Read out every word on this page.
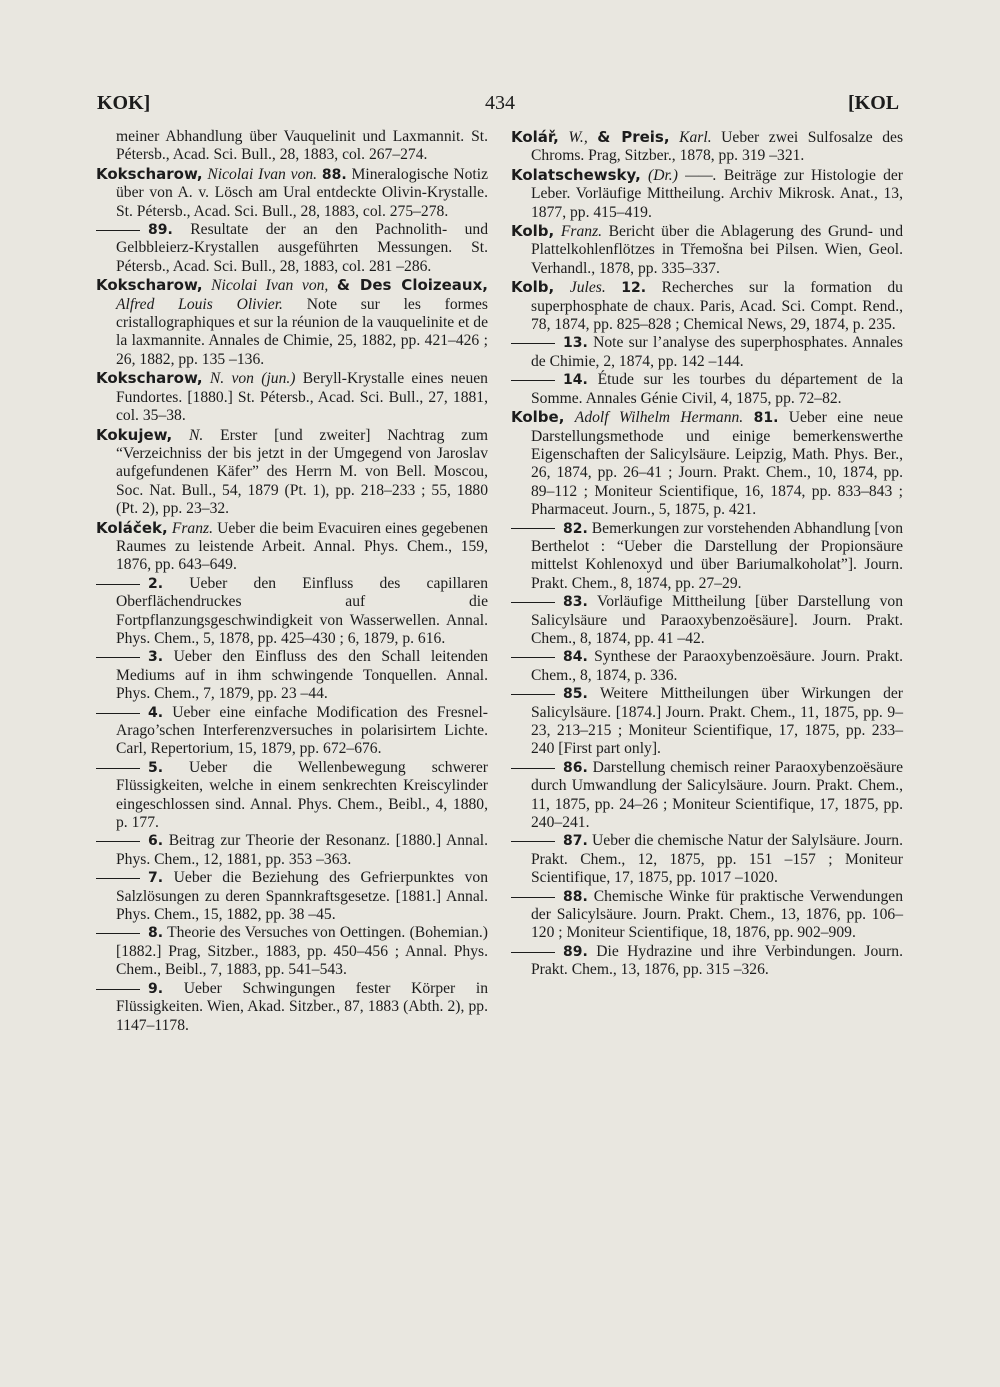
KOK]	434	[KOL

meiner Abhandlung über Vauquelinit und Laxmannit. St. Pétersb., Acad. Sci. Bull., 28, 1883, col. 267–274.

Kokscharow, Nicolai Ivan von. 88. Mineralogische Notiz über von A. v. Lösch am Ural entdeckte Olivin-Krystalle. St. Pétersb., Acad. Sci. Bull., 28, 1883, col. 275–278.

89. Resultate der an den Pachnolith- und Gelbbleierz-Krystallen ausgeführten Messungen. St. Pétersb., Acad. Sci. Bull., 28, 1883, col. 281 –286.

Kokscharow, Nicolai Ivan von, & Des Cloizeaux, Alfred Louis Olivier. Note sur les formes cristallographiques et sur la réunion de la vauquelinite et de la laxmannite. Annales de Chimie, 25, 1882, pp. 421–426 ; 26, 1882, pp. 135 –136.

Kokscharow, N. von (jun.) Beryll-Krystalle eines neuen Fundortes. [1880.] St. Pétersb., Acad. Sci. Bull., 27, 1881, col. 35–38.

Kokujew, N. Erster [und zweiter] Nachtrag zum “Verzeichniss der bis jetzt in der Umgegend von Jaroslav aufgefundenen Käfer” des Herrn M. von Bell. Moscou, Soc. Nat. Bull., 54, 1879 (Pt. 1), pp. 218–233 ; 55, 1880 (Pt. 2), pp. 23–32.

Koláček, Franz. Ueber die beim Evacuiren eines gegebenen Raumes zu leistende Arbeit. Annal. Phys. Chem., 159, 1876, pp. 643–649.

2. Ueber den Einfluss des capillaren Oberflächendruckes auf die Fortpflanzungsgeschwindigkeit von Wasserwellen. Annal. Phys. Chem., 5, 1878, pp. 425–430 ; 6, 1879, p. 616.

3. Ueber den Einfluss des den Schall leitenden Mediums auf in ihm schwingende Tonquellen. Annal. Phys. Chem., 7, 1879, pp. 23 –44.

4. Ueber eine einfache Modification des Fresnel-Arago’schen Interferenzversuches in polarisirtem Lichte. Carl, Repertorium, 15, 1879, pp. 672–676.

5. Ueber die Wellenbewegung schwerer Flüssigkeiten, welche in einem senkrechten Kreiscylinder eingeschlossen sind. Annal. Phys. Chem., Beibl., 4, 1880, p. 177.

6. Beitrag zur Theorie der Resonanz. [1880.] Annal. Phys. Chem., 12, 1881, pp. 353 –363.

7. Ueber die Beziehung des Gefrierpunktes von Salzlösungen zu deren Spannkraftsgesetze. [1881.] Annal. Phys. Chem., 15, 1882, pp. 38 –45.

8. Theorie des Versuches von Oettingen. (Bohemian.) [1882.] Prag, Sitzber., 1883, pp. 450–456 ; Annal. Phys. Chem., Beibl., 7, 1883, pp. 541–543.

9. Ueber Schwingungen fester Körper in Flüssigkeiten. Wien, Akad. Sitzber., 87, 1883 (Abth. 2), pp. 1147–1178.

Kolář, W., & Preis, Karl. Ueber zwei Sulfosalze des Chroms. Prag, Sitzber., 1878, pp. 319 –321.

Kolatschewsky, (Dr.) ——. Beiträge zur Histologie der Leber. Vorläufige Mittheilung. Archiv Mikrosk. Anat., 13, 1877, pp. 415–419.

Kolb, Franz. Bericht über die Ablagerung des Grund- und Plattelkohlenflötzes in Třemošna bei Pilsen. Wien, Geol. Verhandl., 1878, pp. 335–337.

Kolb, Jules. 12. Recherches sur la formation du superphosphate de chaux. Paris, Acad. Sci. Compt. Rend., 78, 1874, pp. 825–828 ; Chemical News, 29, 1874, p. 235.

13. Note sur l’analyse des superphosphates. Annales de Chimie, 2, 1874, pp. 142 –144.

14. Étude sur les tourbes du département de la Somme. Annales Génie Civil, 4, 1875, pp. 72–82.

Kolbe, Adolf Wilhelm Hermann. 81. Ueber eine neue Darstellungsmethode und einige bemerkenswerthe Eigenschaften der Salicylsäure. Leipzig, Math. Phys. Ber., 26, 1874, pp. 26–41 ; Journ. Prakt. Chem., 10, 1874, pp. 89–112 ; Moniteur Scientifique, 16, 1874, pp. 833–843 ; Pharmaceut. Journ., 5, 1875, p. 421.

82. Bemerkungen zur vorstehenden Abhandlung [von Berthelot : “Ueber die Darstellung der Propionsäure mittelst Kohlenoxyd und über Bariumalkoholat”]. Journ. Prakt. Chem., 8, 1874, pp. 27–29.

83. Vorläufige Mittheilung [über Darstellung von Salicylsäure und Paraoxybenzoësäure]. Journ. Prakt. Chem., 8, 1874, pp. 41 –42.

84. Synthese der Paraoxybenzoësäure. Journ. Prakt. Chem., 8, 1874, p. 336.

85. Weitere Mittheilungen über Wirkungen der Salicylsäure. [1874.] Journ. Prakt. Chem., 11, 1875, pp. 9–23, 213–215 ; Moniteur Scientifique, 17, 1875, pp. 233–240 [First part only].

86. Darstellung chemisch reiner Paraoxybenzoësäure durch Umwandlung der Salicylsäure. Journ. Prakt. Chem., 11, 1875, pp. 24–26 ; Moniteur Scientifique, 17, 1875, pp. 240–241.

87. Ueber die chemische Natur der Salylsäure. Journ. Prakt. Chem., 12, 1875, pp. 151 –157 ; Moniteur Scientifique, 17, 1875, pp. 1017 –1020.

88. Chemische Winke für praktische Verwendungen der Salicylsäure. Journ. Prakt. Chem., 13, 1876, pp. 106–120 ; Moniteur Scientifique, 18, 1876, pp. 902–909.

89. Die Hydrazine und ihre Verbindungen. Journ. Prakt. Chem., 13, 1876, pp. 315 –326.
